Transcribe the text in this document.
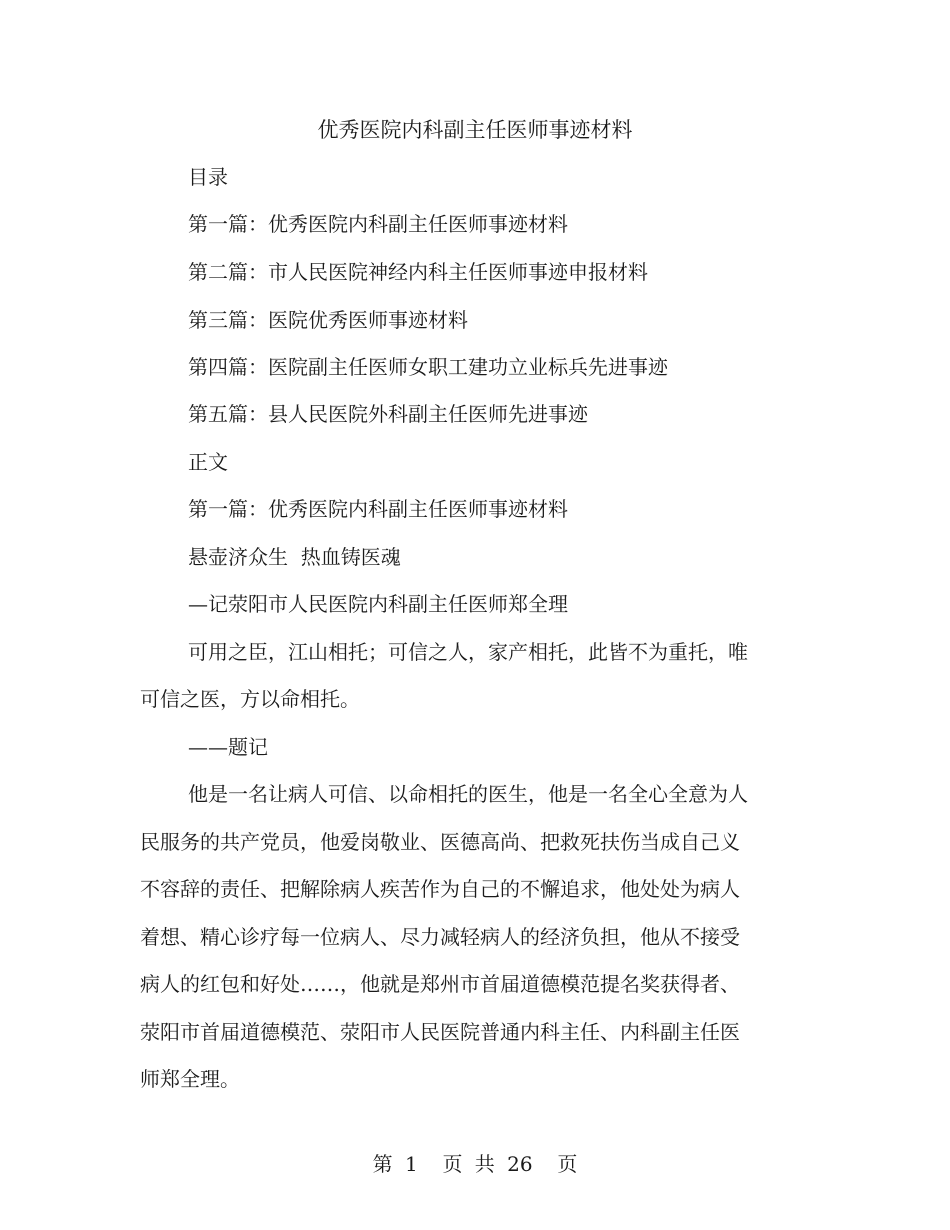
优秀医院内科副主任医师事迹材料
目录
第一篇：优秀医院内科副主任医师事迹材料
第二篇：市人民医院神经内科主任医师事迹申报材料
第三篇：医院优秀医师事迹材料
第四篇：医院副主任医师女职工建功立业标兵先进事迹
第五篇：县人民医院外科副主任医师先进事迹
正文
第一篇：优秀医院内科副主任医师事迹材料
悬壶济众生  热血铸医魂
—记荥阳市人民医院内科副主任医师郑全理
可用之臣，江山相托；可信之人，家产相托，此皆不为重托，唯
可信之医，方以命相托。
——题记
他是一名让病人可信、以命相托的医生，他是一名全心全意为人
民服务的共产党员，他爱岗敬业、医德高尚、把救死扶伤当成自己义
不容辞的责任、把解除病人疾苦作为自己的不懈追求，他处处为病人
着想、精心诊疗每一位病人、尽力减轻病人的经济负担，他从不接受
病人的红包和好处……，他就是郑州市首届道德模范提名奖获得者、
荥阳市首届道德模范、荥阳市人民医院普通内科主任、内科副主任医
师郑全理。
第 1  页 共 26  页
